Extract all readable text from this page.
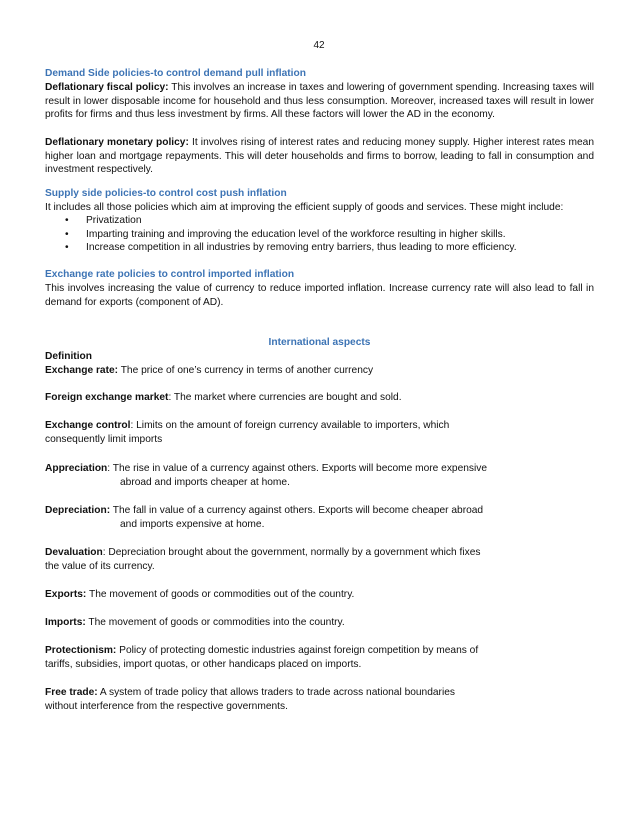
42
Demand Side policies-to control demand pull inflation
Deflationary fiscal policy: This involves an increase in taxes and lowering of government spending. Increasing taxes will result in lower disposable income for household and thus less consumption. Moreover, increased taxes will result in lower profits for firms and thus less investment by firms. All these factors will lower the AD in the economy.
Deflationary monetary policy: It involves rising of interest rates and reducing money supply. Higher interest rates mean higher loan and mortgage repayments. This will deter households and firms to borrow, leading to fall in consumption and investment respectively.
Supply side policies-to control cost push inflation
It includes all those policies which aim at improving the efficient supply of goods and services. These might include:
• Privatization
• Imparting training and improving the education level of the workforce resulting in higher skills.
• Increase competition in all industries by removing entry barriers, thus leading to more efficiency.
Exchange rate policies to control imported inflation
This involves increasing the value of currency to reduce imported inflation. Increase currency rate will also lead to fall in demand for exports (component of AD).
International aspects
Definition
Exchange rate: The price of one’s currency in terms of another currency
Foreign exchange market: The market where currencies are bought and sold.
Exchange control: Limits on the amount of foreign currency available to importers, which
consequently limit imports
Appreciation: The rise in value of a currency against others. Exports will become more expensive
abroad and imports cheaper at home.
Depreciation: The fall in value of a currency against others. Exports will become cheaper abroad
and imports expensive at home.
Devaluation: Depreciation brought about the government, normally by a government which fixes
the value of its currency.
Exports: The movement of goods or commodities out of the country.
Imports: The movement of goods or commodities into the country.
Protectionism: Policy of protecting domestic industries against foreign competition by means of
tariffs, subsidies, import quotas, or other handicaps placed on imports.
Free trade: A system of trade policy that allows traders to trade across national boundaries
without interference from the respective governments.
